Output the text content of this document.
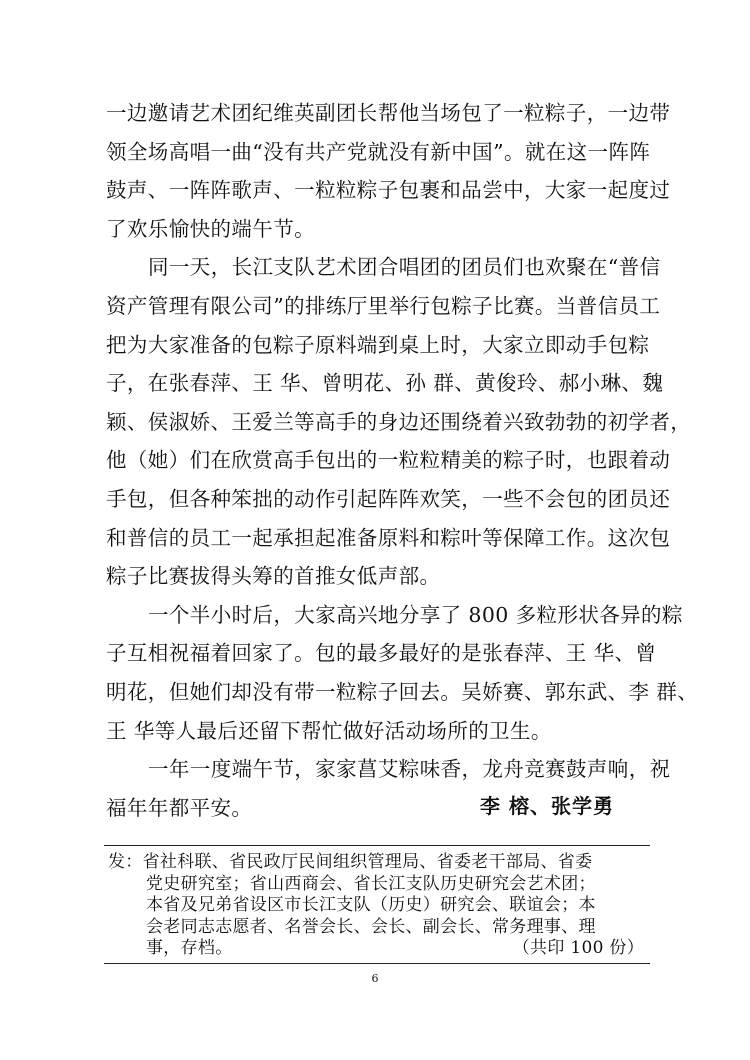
一边邀请艺术团纪维英副团长帮他当场包了一粒粽子，一边带
领全场高唱一曲“没有共产党就没有新中国”。就在这一阵阵
鼓声、一阵阵歌声、一粒粒粽子包裹和品尝中，大家一起度过
了欢乐愉快的端午节。
同一天，长江支队艺术团合唱团的团员们也欢聚在“普信
资产管理有限公司”的排练厅里举行包粽子比赛。当普信员工
把为大家准备的包粽子原料端到桌上时，大家立即动手包粽
子，在张春萍、王 华、曾明花、孙 群、黄俊玲、郝小琳、魏
颖、侯淑娇、王爱兰等高手的身边还围绕着兴致勃勃的初学者，
他（她）们在欣赏高手包出的一粒粒精美的粽子时，也跟着动
手包，但各种笨拙的动作引起阵阵欢笑，一些不会包的团员还
和普信的员工一起承担起准备原料和粽叶等保障工作。这次包
粽子比赛拔得头筹的首推女低声部。
一个半小时后，大家高兴地分享了 800 多粒形状各异的粽
子互相祝福着回家了。包的最多最好的是张春萍、王 华、曾
明花，但她们却没有带一粒粽子回去。吴娇赛、郭东武、李 群、
王 华等人最后还留下帮忙做好活动场所的卫生。
一年一度端午节，家家菖艾粽味香，龙舟竞赛鼓声响，祝
福年年都平安。	李 榕、张学勇
发：省社科联、省民政厅民间组织管理局、省委老干部局、省委
党史研究室；省山西商会、省长江支队历史研究会艺术团；
本省及兄弟省设区市长江支队（历史）研究会、联谊会；本
会老同志志愿者、名誉会长、会长、副会长、常务理事、理
事，存档。	（共印 100 份）
6
